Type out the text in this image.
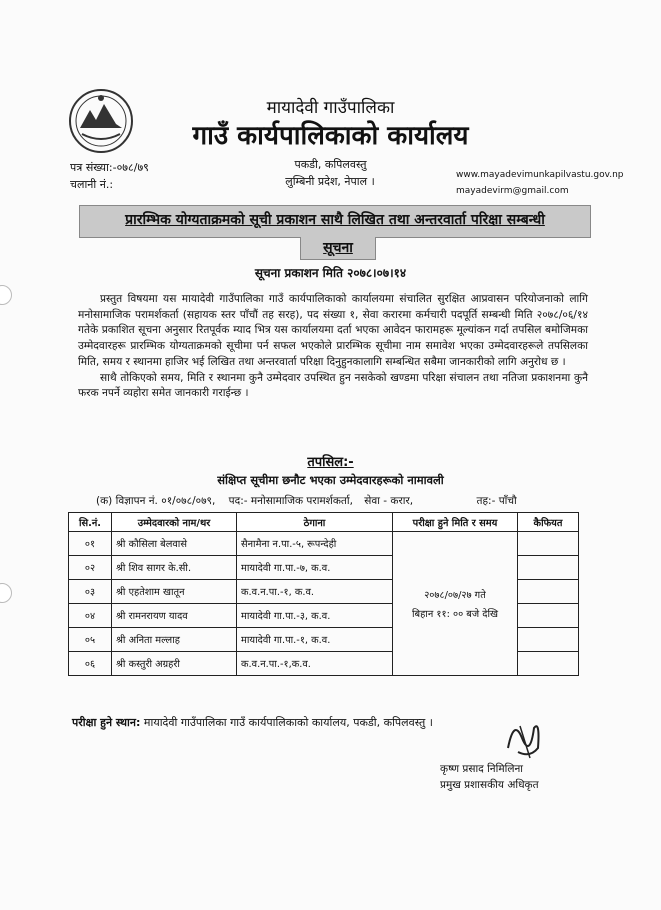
मायादेवी गाउँपालिका
गाउँ कार्यपालिकाको कार्यालय
पकडी, कपिलवस्तु
लुम्बिनी प्रदेश, नेपाल ।
पत्र संख्या:-०७८/७९
चलानी नं.:
www.mayadevimunkapilvastu.gov.np
mayadevirm@gmail.com
प्रारम्भिक योग्यताक्रमको सूची प्रकाशन साथै लिखित तथा अन्तरवार्ता परिक्षा सम्बन्धी
सूचना
सूचना प्रकाशन मिति २०७८।०७।१४

प्रस्तुत विषयमा यस मायादेवी गाउँपालिका गाउँ कार्यपालिकाको कार्यालयमा संचालित सुरक्षित आप्रवासन परियोजनाको लागि मनोसामाजिक परामर्शकर्ता (सहायक स्तर पाँचौं तह सरह), पद संख्या १, सेवा करारमा कर्मचारी पदपूर्ति सम्बन्धी मिति २०७८/०६/१४ गतेके प्रकाशित सूचना अनुसार रितपूर्वक म्याद भित्र यस कार्यालयमा दर्ता भएका आवेदन फारामहरू मूल्यांकन गर्दा तपसिल बमोजिमका उम्मेदवारहरू प्रारम्भिक योग्यताक्रमको सूचीमा पर्न सफल भएकोले प्रारम्भिक सूचीमा नाम समावेश भएका उम्मेदवारहरूले तपसिलका मिति, समय र स्थानमा हाजिर भई लिखित तथा अन्तरवार्ता परिक्षा दिनुहुनकालागि सम्बन्धित सबैमा जानकारीको लागि अनुरोध छ ।

साथै तोकिएको समय, मिति र स्थानमा कुनै उम्मेदवार उपस्थित हुन नसकेको खण्डमा परिक्षा संचालन तथा नतिजा प्रकाशनमा कुनै फरक नपर्ने व्यहोरा समेत जानकारी गराईन्छ ।

तपसिल:-
संक्षिप्त सूचीमा छनौट भएका उम्मेदवारहरूको नामावली
(क) विज्ञापन नं. ०१/०७८/०७९, पद:- मनोसामाजिक परामर्शकर्ता, सेवा - करार,	तह:- पाँचौ
सि.नं.	उम्मेदवारको नाम/थर	ठेगाना	परीक्षा हुने मिति र समय	कैफियत
०१	श्री कौसिला बेलवासे	सैनामैना न.पा.-५, रूपन्देही	२०७८/०७/२७ गते
बिहान ११: ०० बजे देखि	

०२	श्री शिव सागर के.सी.	मायादेवी गा.पा.-७, क.व.		
०३	श्री एहतेशाम खातून	क.व.न.पा.-१, क.व.		
०४	श्री रामनरायण यादव	मायादेवी गा.पा.-३, क.व.		
०५	श्री अनिता मल्लाह	मायादेवी गा.पा.-१, क.व.		
०६	श्री कस्तुरी अग्रहरी	क.व.न.पा.-१,क.व.		
परीक्षा हुने स्थान: मायादेवी गाउँपालिका गाउँ कार्यपालिकाको कार्यालय, पकडी, कपिलवस्तु ।
कृष्ण प्रसाद निमिलिना
प्रमुख प्रशासकीय अधिकृत
